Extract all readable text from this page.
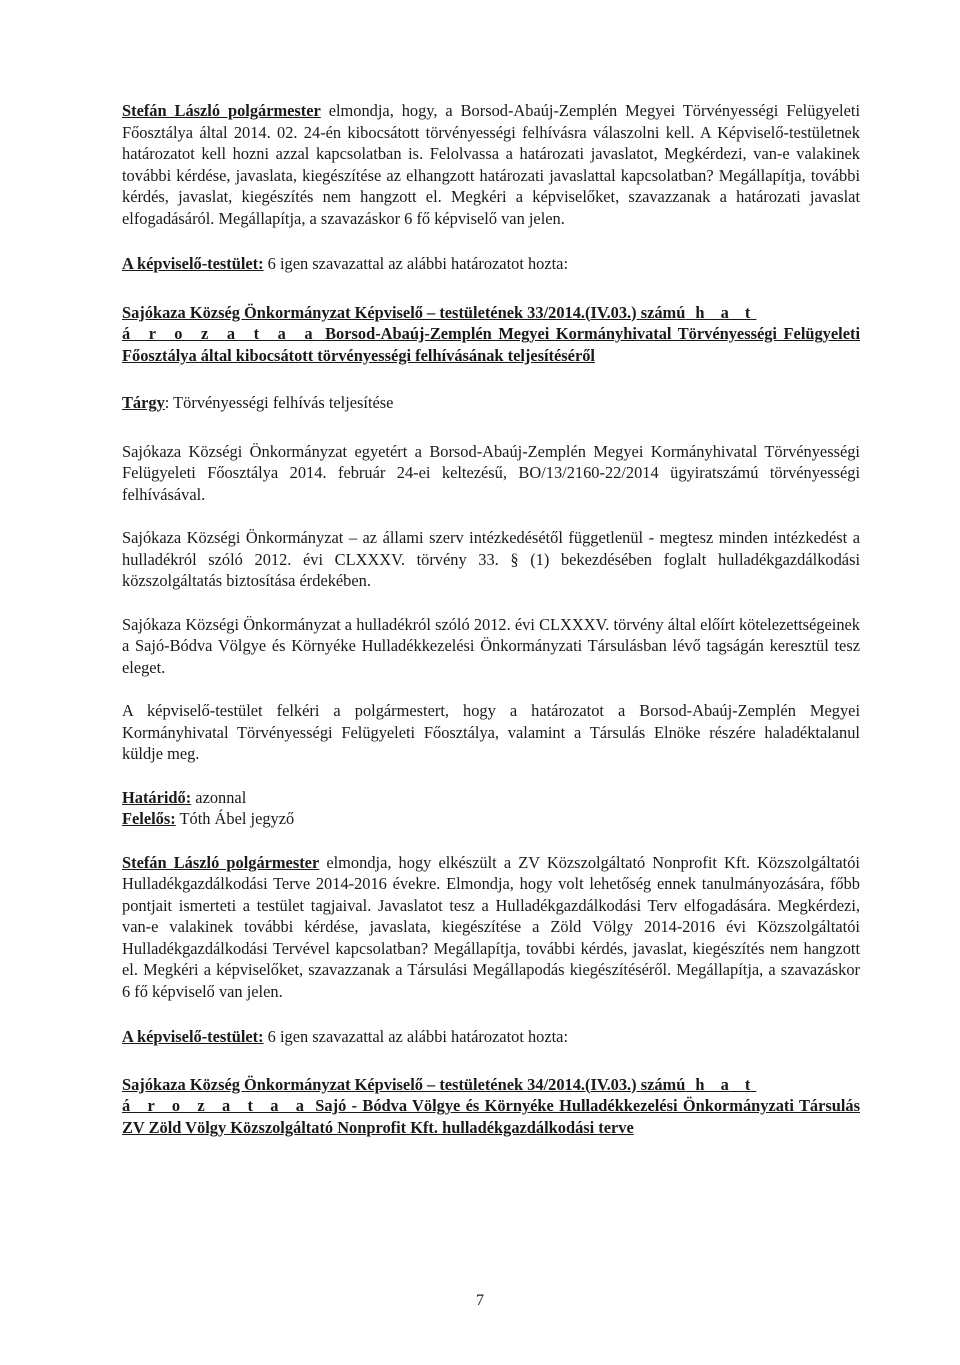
Stefán László polgármester elmondja, hogy, a Borsod-Abaúj-Zemplén Megyei Törvényességi Felügyeleti Főosztálya által 2014. 02. 24-én kibocsátott törvényességi felhívásra válaszolni kell. A Képviselő-testületnek határozatot kell hozni azzal kapcsolatban is. Felolvassa a határozati javaslatot, Megkérdezi, van-e valakinek további kérdése, javaslata, kiegészítése az elhangzott határozati javaslattal kapcsolatban? Megállapítja, további kérdés, javaslat, kiegészítés nem hangzott el. Megkéri a képviselőket, szavazzanak a határozati javaslat elfogadásáról. Megállapítja, a szavazáskor 6 fő képviselő van jelen.

A képviselő-testület: 6 igen szavazattal az alábbi határozatot hozta:

Sajókaza Község Önkormányzat Képviselő – testületének 33/2014.(IV.03.) számú h a t

á r o z a t a a Borsod-Abaúj-Zemplén Megyei Kormányhivatal Törvényességi Felügyeleti Főosztálya által kibocsátott törvényességi felhívásának teljesítéséről

Tárgy: Törvényességi felhívás teljesítése

Sajókaza Községi Önkormányzat egyetért a Borsod-Abaúj-Zemplén Megyei Kormányhivatal Törvényességi Felügyeleti Főosztálya 2014. február 24-ei keltezésű, BO/13/2160-22/2014 ügyiratszámú törvényességi felhívásával.

Sajókaza Községi Önkormányzat – az állami szerv intézkedésétől függetlenül - megtesz minden intézkedést a hulladékról szóló 2012. évi CLXXXV. törvény 33. § (1) bekezdésében foglalt hulladékgazdálkodási közszolgáltatás biztosítása érdekében.

Sajókaza Községi Önkormányzat a hulladékról szóló 2012. évi CLXXXV. törvény által előírt kötelezettségeinek a Sajó-Bódva Völgye és Környéke Hulladékkezelési Önkormányzati Társulásban lévő tagságán keresztül tesz eleget.

A képviselő-testület felkéri a polgármestert, hogy a határozatot a Borsod-Abaúj-Zemplén Megyei Kormányhivatal Törvényességi Felügyeleti Főosztálya, valamint a Társulás Elnöke részére haladéktalanul küldje meg.

Határidő: azonnal

Felelős: Tóth Ábel jegyző

Stefán László polgármester elmondja, hogy elkészült a ZV Közszolgáltató Nonprofit Kft. Közszolgáltatói Hulladékgazdálkodási Terve 2014-2016 évekre. Elmondja, hogy volt lehetőség ennek tanulmányozására, főbb pontjait ismerteti a testület tagjaival. Javaslatot tesz a Hulladékgazdálkodási Terv elfogadására. Megkérdezi, van-e valakinek további kérdése, javaslata, kiegészítése a Zöld Völgy 2014-2016 évi Közszolgáltatói Hulladékgazdálkodási Tervével kapcsolatban? Megállapítja, további kérdés, javaslat, kiegészítés nem hangzott el. Megkéri a képviselőket, szavazzanak a Társulási Megállapodás kiegészítéséről. Megállapítja, a szavazáskor 6 fő képviselő van jelen.

A képviselő-testület: 6 igen szavazattal az alábbi határozatot hozta:

Sajókaza Község Önkormányzat Képviselő – testületének 34/2014.(IV.03.) számú h a t

á r o z a t a a Sajó - Bódva Völgye és Környéke Hulladékkezelési Önkormányzati Társulás ZV Zöld Völgy Közszolgáltató Nonprofit Kft. hulladékgazdálkodási terve

7
